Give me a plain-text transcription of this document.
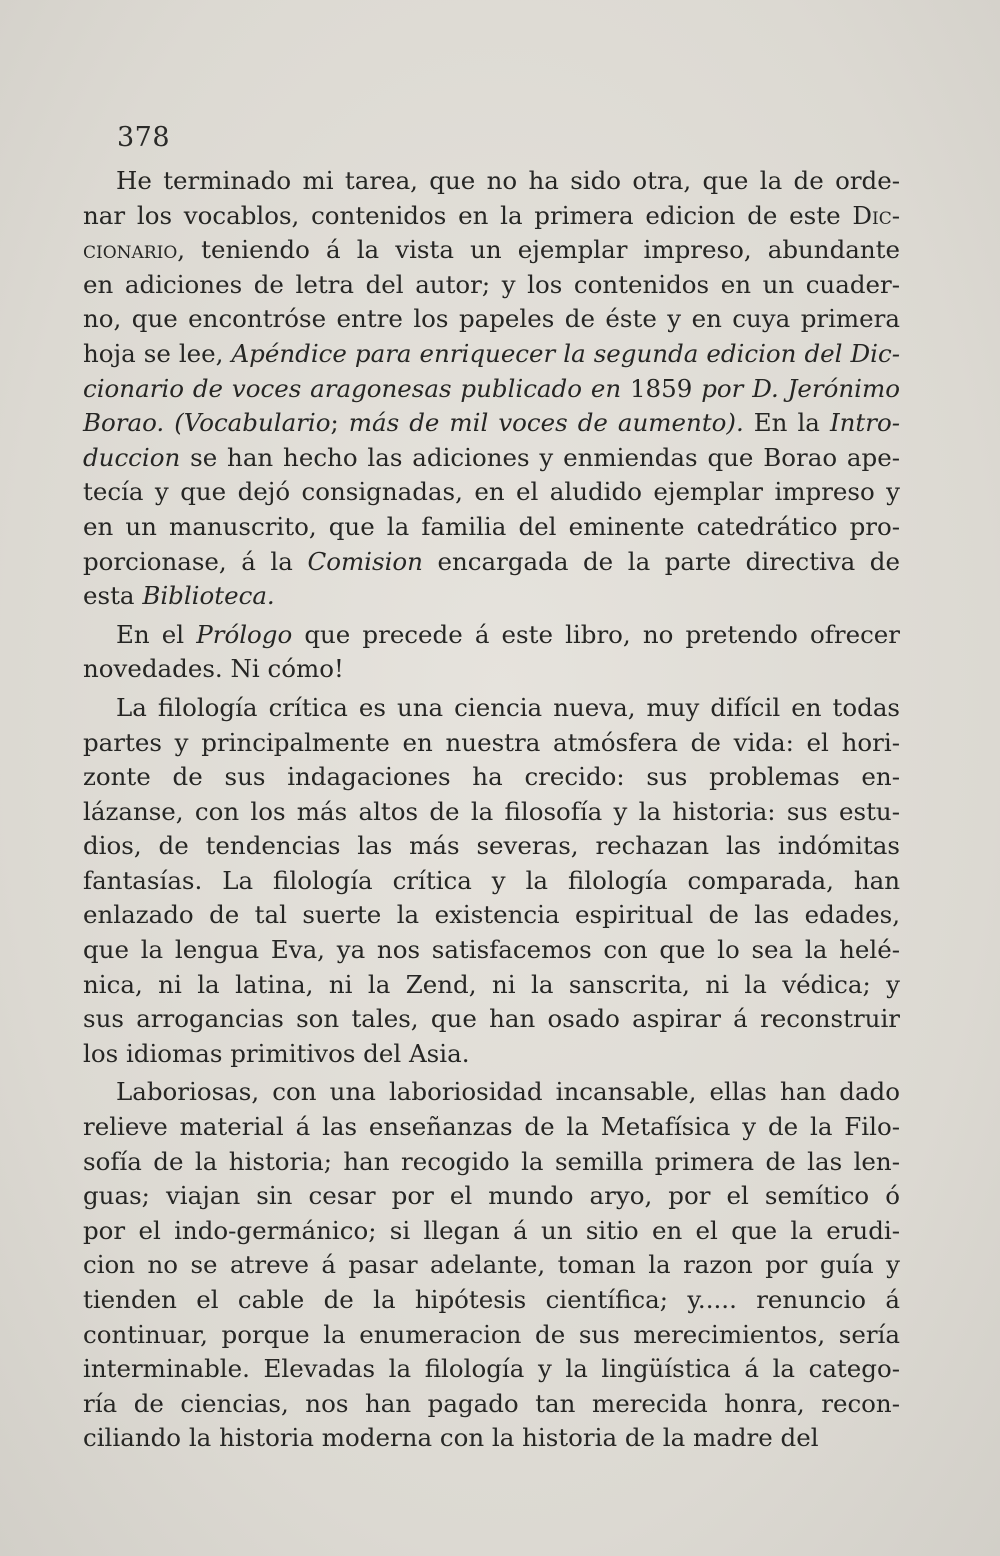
378
He terminado mi tarea, que no ha sido otra, que la de orde-
nar los vocablos, contenidos en la primera edicion de este Dic-
cionario, teniendo á la vista un ejemplar impreso, abundante
en adiciones de letra del autor; y los contenidos en un cuader-
no, que encontróse entre los papeles de éste y en cuya primera
hoja se lee, Apéndice para enriquecer la segunda edicion del Dic-
cionario de voces aragonesas publicado en 1859 por D. Jerónimo
Borao. (Vocabulario; más de mil voces de aumento). En la Intro-
duccion se han hecho las adiciones y enmiendas que Borao ape-
tecía y que dejó consignadas, en el aludido ejemplar impreso y
en un manuscrito, que la familia del eminente catedrático pro-
porcionase, á la Comision encargada de la parte directiva de
esta Biblioteca.
En el Prólogo que precede á este libro, no pretendo ofrecer
novedades. Ni cómo!
La filología crítica es una ciencia nueva, muy difícil en todas
partes y principalmente en nuestra atmósfera de vida: el hori-
zonte de sus indagaciones ha crecido: sus problemas en-
lázanse, con los más altos de la filosofía y la historia: sus estu-
dios, de tendencias las más severas, rechazan las indómitas
fantasías. La filología crítica y la filología comparada, han
enlazado de tal suerte la existencia espiritual de las edades,
que la lengua Eva, ya nos satisfacemos con que lo sea la helé-
nica, ni la latina, ni la Zend, ni la sanscrita, ni la védica; y
sus arrogancias son tales, que han osado aspirar á reconstruir
los idiomas primitivos del Asia.
Laboriosas, con una laboriosidad incansable, ellas han dado
relieve material á las enseñanzas de la Metafísica y de la Filo-
sofía de la historia; han recogido la semilla primera de las len-
guas; viajan sin cesar por el mundo aryo, por el semítico ó
por el indo-germánico; si llegan á un sitio en el que la erudi-
cion no se atreve á pasar adelante, toman la razon por guía y
tienden el cable de la hipótesis científica; y..... renuncio á
continuar, porque la enumeracion de sus merecimientos, sería
interminable. Elevadas la filología y la lingüística á la catego-
ría de ciencias, nos han pagado tan merecida honra, recon-
ciliando la historia moderna con la historia de la madre del
